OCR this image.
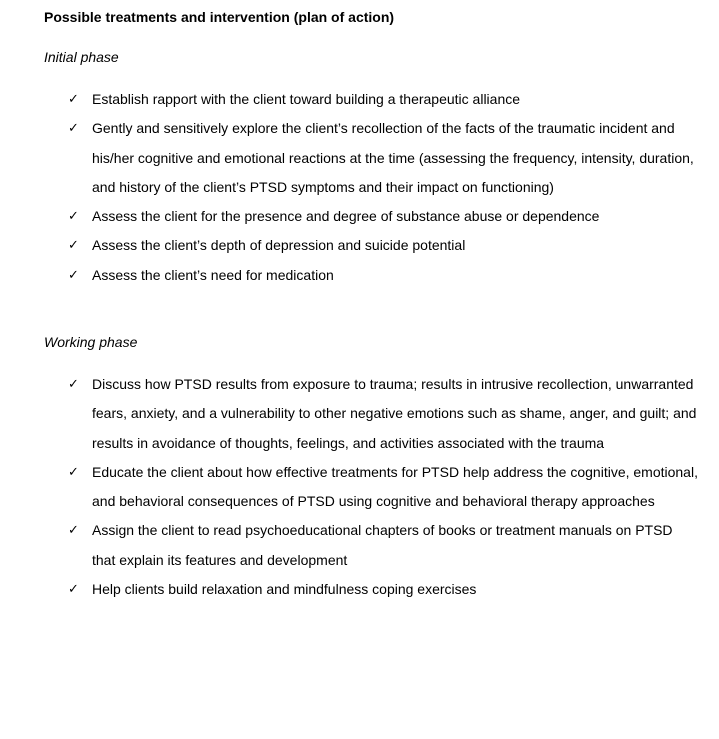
Possible treatments and intervention (plan of action)
Initial phase
✓ Establish rapport with the client toward building a therapeutic alliance
✓ Gently and sensitively explore the client’s recollection of the facts of the traumatic incident and his/her cognitive and emotional reactions at the time (assessing the frequency, intensity, duration, and history of the client’s PTSD symptoms and their impact on functioning)
✓ Assess the client for the presence and degree of substance abuse or dependence
✓ Assess the client’s depth of depression and suicide potential
✓ Assess the client’s need for medication
Working phase
✓ Discuss how PTSD results from exposure to trauma; results in intrusive recollection, unwarranted fears, anxiety, and a vulnerability to other negative emotions such as shame, anger, and guilt; and results in avoidance of thoughts, feelings, and activities associated with the trauma
✓ Educate the client about how effective treatments for PTSD help address the cognitive, emotional, and behavioral consequences of PTSD using cognitive and behavioral therapy approaches
✓ Assign the client to read psychoeducational chapters of books or treatment manuals on PTSD that explain its features and development
✓ Help clients build relaxation and mindfulness coping exercises
